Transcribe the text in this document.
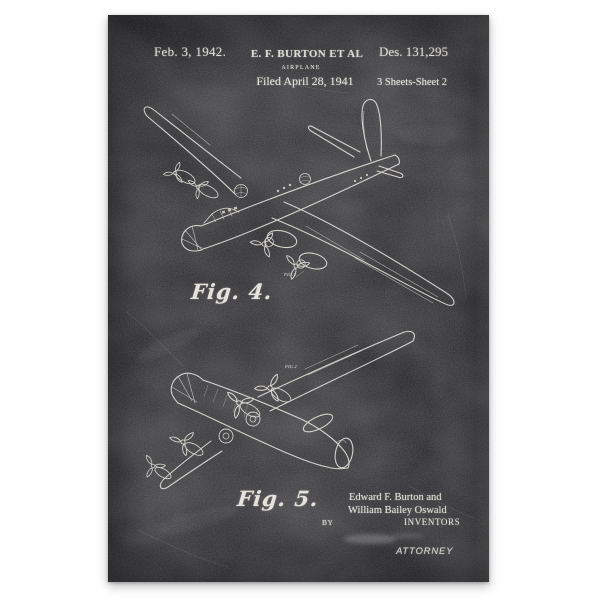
Feb. 3, 1942. E. F. BURTON ET AL Des. 131,295
AIRPLANE
Filed April 28, 1941 3 Sheets-Sheet 2
FIG.1
FIG.2
Fig. 4.
Fig. 5.	Edward F. Burton and
William Bailey Oswald
INVENTORS
BY
ATTORNEY
